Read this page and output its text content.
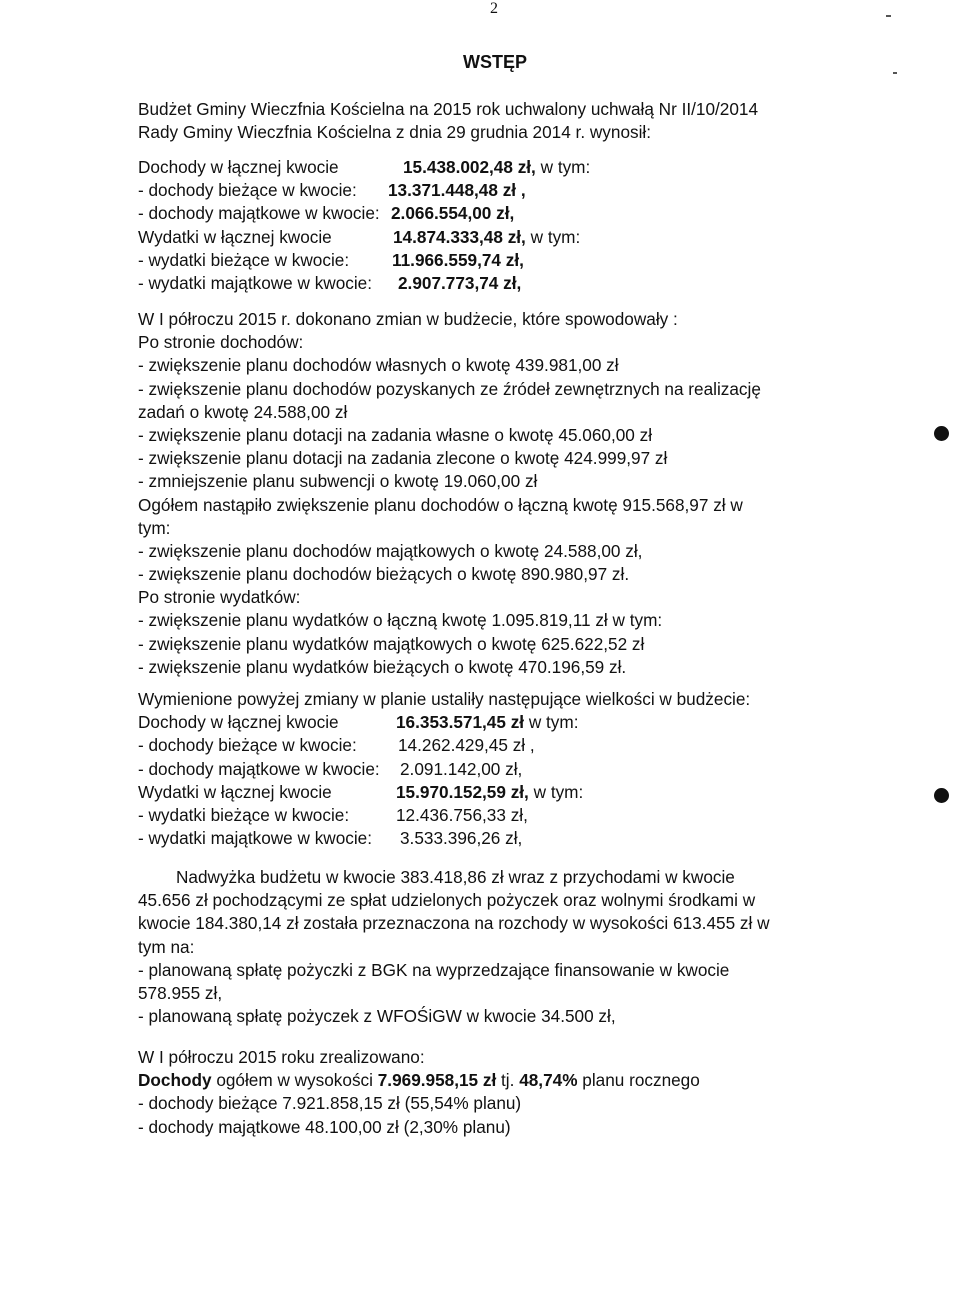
2
WSTĘP
Budżet Gminy Wieczfnia Kościelna na 2015 rok uchwalony uchwałą Nr II/10/2014
Rady Gminy Wieczfnia Kościelna z dnia 29 grudnia 2014 r. wynosił:
Dochody w łącznej kwocie	15.438.002,48 zł, w tym:
- dochody bieżące w kwocie: 13.371.448,48 zł ,
- dochody majątkowe w kwocie: 2.066.554,00 zł,
Wydatki w łącznej kwocie	14.874.333,48 zł, w tym:
- wydatki bieżące w kwocie: 11.966.559,74 zł,
- wydatki majątkowe w kwocie: 2.907.773,74 zł,
W I półroczu 2015 r. dokonano zmian w budżecie, które spowodowały :
Po stronie dochodów:
- zwiększenie planu dochodów własnych o kwotę 439.981,00 zł
- zwiększenie planu dochodów pozyskanych ze źródeł zewnętrznych na realizację
zadań o kwotę 24.588,00 zł
- zwiększenie planu dotacji na zadania własne o kwotę 45.060,00 zł
- zwiększenie planu dotacji na zadania zlecone o kwotę 424.999,97 zł
- zmniejszenie planu subwencji o kwotę 19.060,00 zł
Ogółem nastąpiło zwiększenie planu dochodów o łączną kwotę 915.568,97 zł w
tym:
- zwiększenie planu dochodów majątkowych o kwotę 24.588,00 zł,
- zwiększenie planu dochodów bieżących o kwotę 890.980,97 zł.
Po stronie wydatków:
- zwiększenie planu wydatków o łączną kwotę 1.095.819,11 zł w tym:
- zwiększenie planu wydatków majątkowych o kwotę 625.622,52 zł
- zwiększenie planu wydatków bieżących o kwotę 470.196,59 zł.
Wymienione powyżej zmiany w planie ustaliły następujące wielkości w budżecie:
Dochody w łącznej kwocie	16.353.571,45 zł w tym:
- dochody bieżące w kwocie: 14.262.429,45 zł ,
- dochody majątkowe w kwocie: 2.091.142,00 zł,
Wydatki w łącznej kwocie	15.970.152,59 zł, w tym:
- wydatki bieżące w kwocie:	12.436.756,33 zł,
- wydatki majątkowe w kwocie: 3.533.396,26 zł,
Nadwyżka budżetu w kwocie 383.418,86 zł wraz z przychodami w kwocie
45.656 zł pochodzącymi ze spłat udzielonych pożyczek oraz wolnymi środkami w
kwocie 184.380,14 zł została przeznaczona na rozchody w wysokości 613.455 zł w
tym na:
- planowaną spłatę pożyczki z BGK na wyprzedzające finansowanie w kwocie
578.955 zł,
- planowaną spłatę pożyczek z WFOŚiGW w kwocie 34.500 zł,
W I półroczu 2015 roku zrealizowano:
Dochody ogółem w wysokości 7.969.958,15 zł tj. 48,74% planu rocznego
- dochody bieżące 7.921.858,15 zł (55,54% planu)
- dochody majątkowe 48.100,00 zł (2,30% planu)
